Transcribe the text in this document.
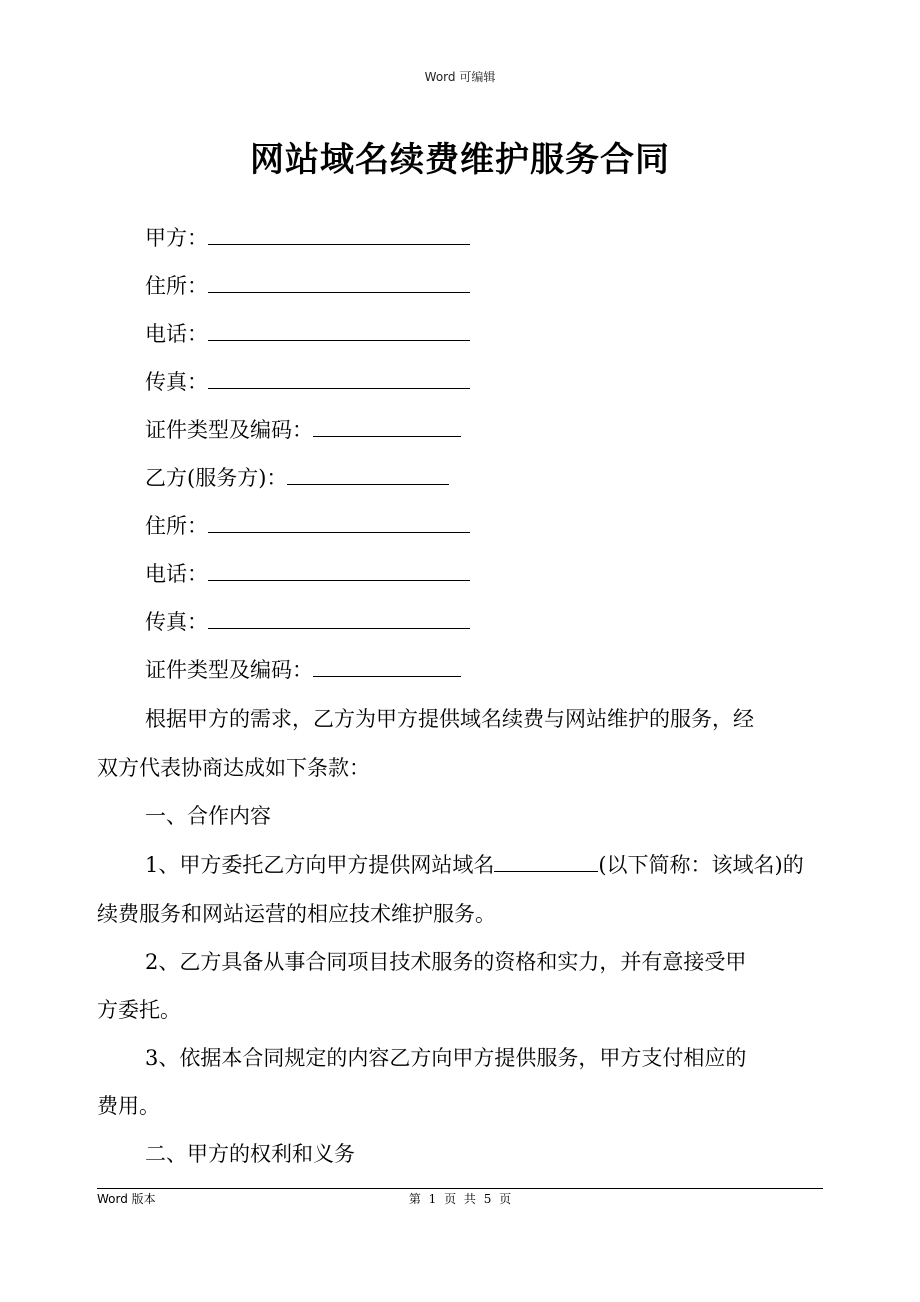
Word 可编辑
网站域名续费维护服务合同
甲方：
住所：
电话：
传真：
证件类型及编码：
乙方(服务方)：
住所：
电话：
传真：
证件类型及编码：
根据甲方的需求，乙方为甲方提供域名续费与网站维护的服务，经
双方代表协商达成如下条款：
一、合作内容
1、甲方委托乙方向甲方提供网站域名	(以下简称：该域名)的
续费服务和网站运营的相应技术维护服务。
2、乙方具备从事合同项目技术服务的资格和实力，并有意接受甲
方委托。
3、依据本合同规定的内容乙方向甲方提供服务，甲方支付相应的
费用。
二、甲方的权利和义务
Word 版本	第 1 页 共 5 页
